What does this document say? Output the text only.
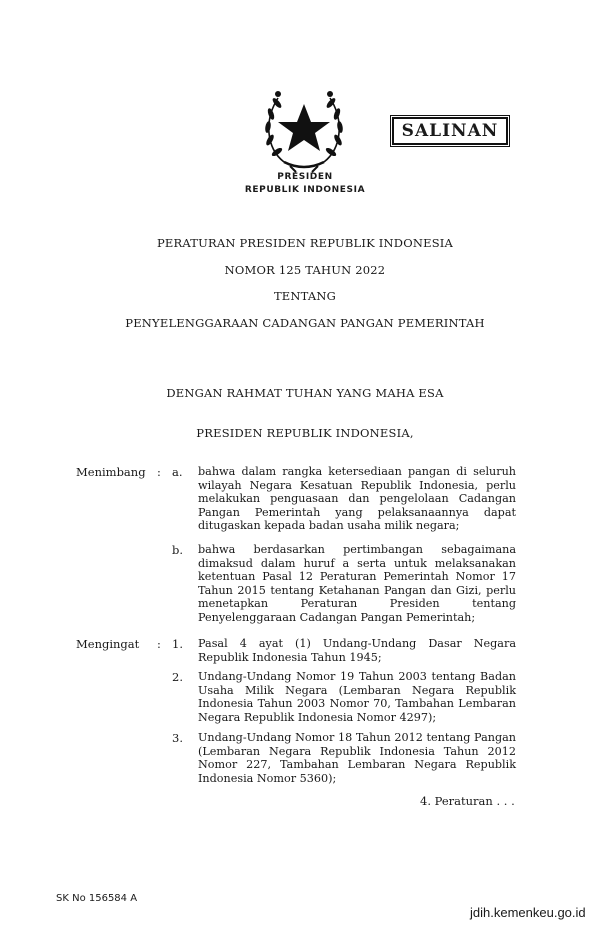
SALINAN
PRESIDEN
REPUBLIK INDONESIA
PERATURAN PRESIDEN REPUBLIK INDONESIA
NOMOR 125 TAHUN 2022
TENTANG
PENYELENGGARAAN CADANGAN PANGAN PEMERINTAH
DENGAN RAHMAT TUHAN YANG MAHA ESA
PRESIDEN REPUBLIK INDONESIA,
Menimbang : a. bahwa dalam rangka ketersediaan pangan di seluruh wilayah Negara Kesatuan Republik Indonesia, perlu melakukan penguasaan dan pengelolaan Cadangan Pangan Pemerintah yang pelaksanaannya dapat ditugaskan kepada badan usaha milik negara;
b. bahwa berdasarkan pertimbangan sebagaimana dimaksud dalam huruf a serta untuk melaksanakan ketentuan Pasal 12 Peraturan Pemerintah Nomor 17 Tahun 2015 tentang Ketahanan Pangan dan Gizi, perlu menetapkan Peraturan Presiden tentang Penyelenggaraan Cadangan Pangan Pemerintah;
Mengingat : 1. Pasal 4 ayat (1) Undang-Undang Dasar Negara Republik Indonesia Tahun 1945;
2. Undang-Undang Nomor 19 Tahun 2003 tentang Badan Usaha Milik Negara (Lembaran Negara Republik Indonesia Tahun 2003 Nomor 70, Tambahan Lembaran Negara Republik Indonesia Nomor 4297);
3. Undang-Undang Nomor 18 Tahun 2012 tentang Pangan (Lembaran Negara Republik Indonesia Tahun 2012 Nomor 227, Tambahan Lembaran Negara Republik Indonesia Nomor 5360);
4. Peraturan . . .
SK No 156584 A
jdih.kemenkeu.go.id
